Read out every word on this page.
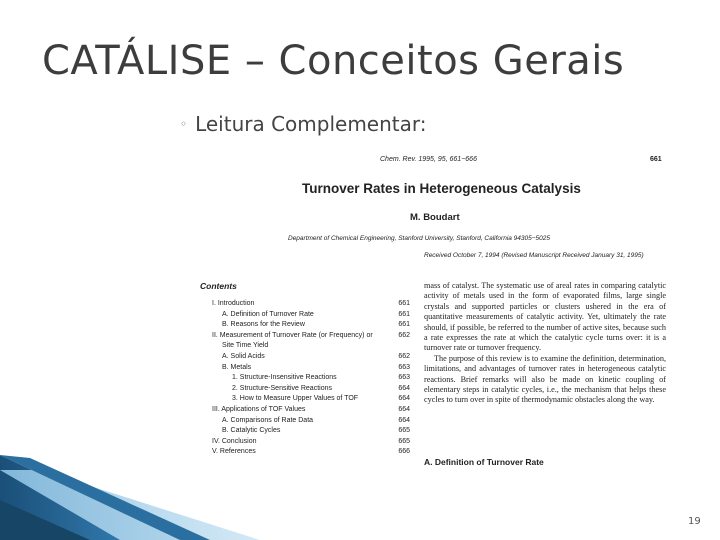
CATÁLISE – Conceitos Gerais
◦ Leitura Complementar:
Chem. Rev. 1995, 95, 661−666	661
Turnover Rates in Heterogeneous Catalysis
M. Boudart
Department of Chemical Engineering, Stanford University, Stanford, California 94305−5025
Received October 7, 1994 (Revised Manuscript Received January 31, 1995)
Contents
I. Introduction	661
A. Definition of Turnover Rate	661
B. Reasons for the Review	661
II. Measurement of Turnover Rate (or Frequency) or	662
Site Time Yield
A. Solid Acids	662
B. Metals	663
1. Structure-Insensitive Reactions	663
2. Structure-Sensitive Reactions	664
3. How to Measure Upper Values of TOF	664
III. Applications of TOF Values	664
A. Comparisons of Rate Data	664
B. Catalytic Cycles	665
IV. Conclusion	665
V. References	666

mass of catalyst. The systematic use of areal rates in comparing catalytic activity of metals used in the form of evaporated films, large single crystals and supported particles or clusters ushered in the era of quantitative measurements of catalytic activity. Yet, ultimately the rate should, if possible, be referred to the number of active sites, because such a rate expresses the rate at which the catalytic cycle turns over: it is a turnover rate or turnover frequency.

The purpose of this review is to examine the definition, determination, limitations, and advantages of turnover rates in heterogeneous catalytic reactions. Brief remarks will also be made on kinetic coupling of elementary steps in catalytic cycles, i.e., the mechanism that helps these cycles to turn over in spite of thermodynamic obstacles along the way.

A. Definition of Turnover Rate
19
